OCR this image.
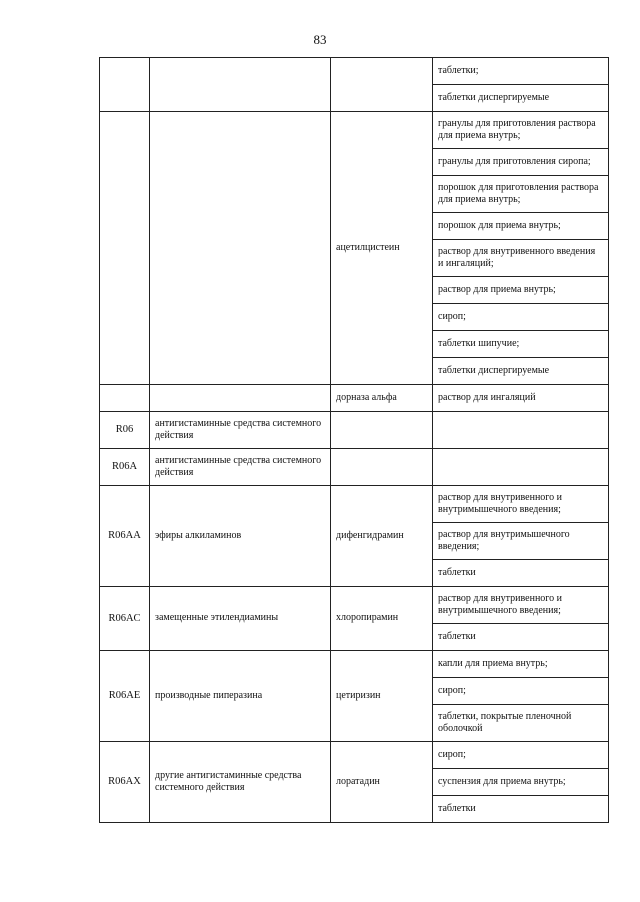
83
			таблетки;
			таблетки диспергируемые
		ацетилцистеин	гранулы для приготовления раствора для приема внутрь;
			гранулы для приготовления сиропа;
			порошок для приготовления раствора для приема внутрь;
			порошок для приема внутрь;
			раствор для внутривенного введения и ингаляций;
			раствор для приема внутрь;
			сироп;
			таблетки шипучие;
			таблетки диспергируемые
		дорназа альфа	раствор для ингаляций
R06	антигистаминные средства системного действия		
R06A	антигистаминные средства системного действия		
R06AA	эфиры алкиламинов	дифенгидрамин	раствор для внутривенного и внутримышечного введения;
			раствор для внутримышечного введения;
			таблетки
R06AC	замещенные этилендиамины	хлоропирамин	раствор для внутривенного и внутримышечного введения;
			таблетки
R06AE	производные пиперазина	цетиризин	капли для приема внутрь;
			сироп;
			таблетки, покрытые пленочной оболочкой
R06AX	другие антигистаминные средства системного действия	лоратадин	сироп;
			суспензия для приема внутрь;
			таблетки
